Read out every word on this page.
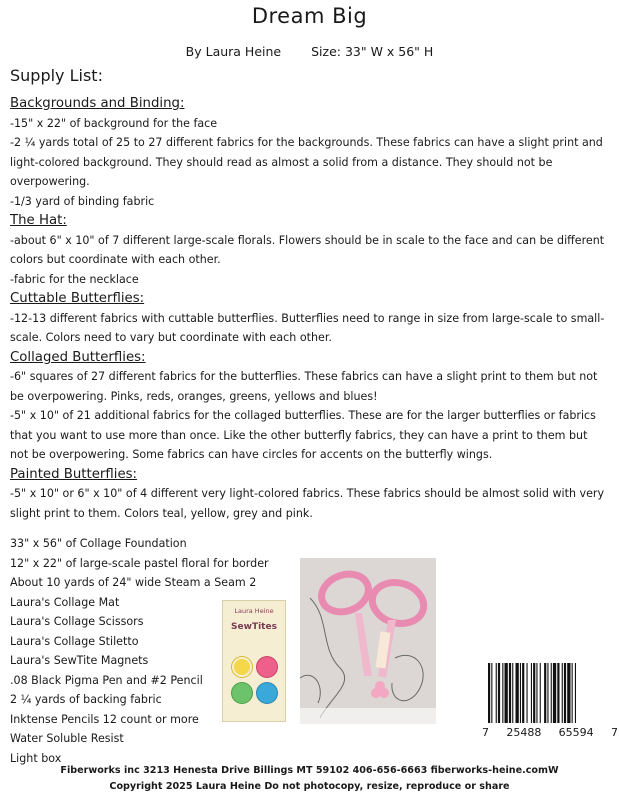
Dream Big
By Laura Heine Size: 33" W x 56" H
Supply List:
Backgrounds and Binding:
-15" x 22" of background for the face
-2 ¼ yards total of 25 to 27 different fabrics for the backgrounds. These fabrics can have a slight print and light-colored background. They should read as almost a solid from a distance. They should not be overpowering.
-1/3 yard of binding fabric
The Hat:
-about 6" x 10" of 7 different large-scale florals. Flowers should be in scale to the face and can be different colors but coordinate with each other.
-fabric for the necklace
Cuttable Butterflies:
-12-13 different fabrics with cuttable butterflies. Butterflies need to range in size from large-scale to small-scale. Colors need to vary but coordinate with each other.
Collaged Butterflies:
-6" squares of 27 different fabrics for the butterflies. These fabrics can have a slight print to them but not be overpowering. Pinks, reds, oranges, greens, yellows and blues!
-5" x 10" of 21 additional fabrics for the collaged butterflies. These are for the larger butterflies or fabrics that you want to use more than once. Like the other butterfly fabrics, they can have a print to them but not be overpowering. Some fabrics can have circles for accents on the butterfly wings.
Painted Butterflies:
-5" x 10" or 6" x 10" of 4 different very light-colored fabrics. These fabrics should be almost solid with very slight print to them. Colors teal, yellow, grey and pink.
33" x 56" of Collage Foundation
12" x 22" of large-scale pastel floral for border
About 10 yards of 24" wide Steam a Seam 2
Laura's Collage Mat
Laura's Collage Scissors
Laura's Collage Stiletto
Laura's SewTite Magnets
.08 Black Pigma Pen and #2 Pencil
2 ¼ yards of backing fabric
Inktense Pencils 12 count or more
Water Soluble Resist
Light box
Laura Heine
SewTites
7 25488 65594 7
Fiberworks inc 3213 Henesta Drive Billings MT 59102 406-656-6663 fiberworks-heine.comW
Copyright 2025 Laura Heine Do not photocopy, resize, reproduce or share
